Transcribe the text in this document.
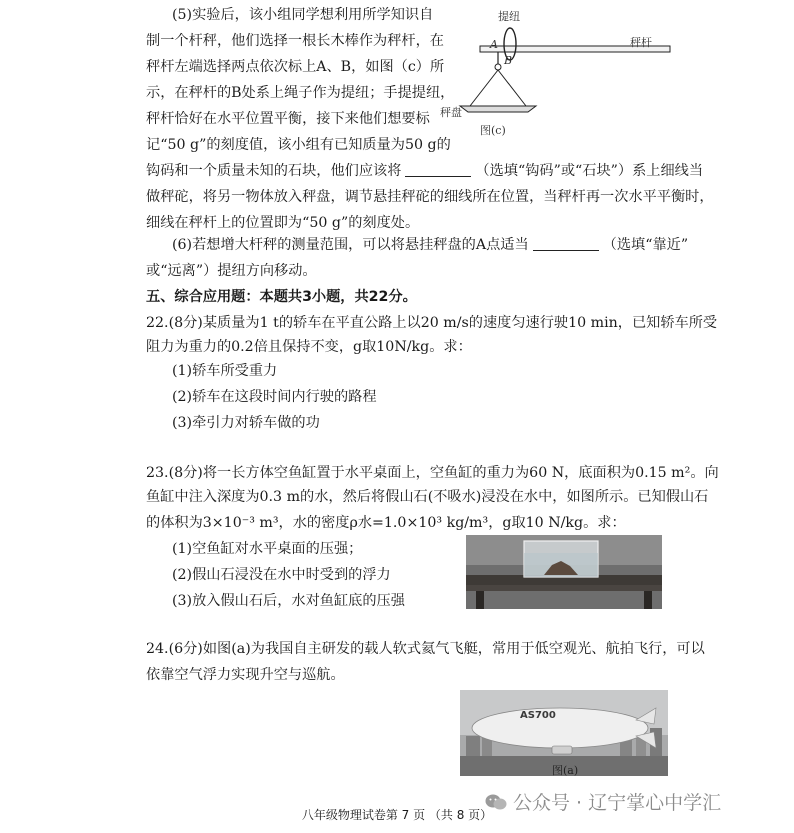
(5)实验后，该小组同学想利用所学知识自
制一个杆秤，他们选择一根长木棒作为秤杆，在
秤杆左端选择两点依次标上A、B，如图（c）所
示，在秤杆的B处系上绳子作为提纽；手提提纽，
秤杆恰好在水平位置平衡，接下来他们想要标
记“50 g”的刻度值，该小组有已知质量为50 g的
钩码和一个质量未知的石块，他们应该将	（选填“钩码”或“石块”）系上细线当
做秤砣，将另一物体放入秤盘，调节悬挂秤砣的细线所在位置，当秤杆再一次水平平衡时，
细线在秤杆上的位置即为“50 g”的刻度处。
提纽
秤杆
A
B
秤盘
图(c)
(6)若想增大杆秤的测量范围，可以将悬挂秤盘的A点适当	（选填“靠近”
或“远离”）提纽方向移动。
五、综合应用题：本题共3小题，共22分。
22.(8分)某质量为1 t的轿车在平直公路上以20 m/s的速度匀速行驶10 min，已知轿车所受
阻力为重力的0.2倍且保持不变，g取10N/kg。求：
(1)轿车所受重力
(2)轿车在这段时间内行驶的路程
(3)牵引力对轿车做的功
23.(8分)将一长方体空鱼缸置于水平桌面上，空鱼缸的重力为60 N，底面积为0.15 m²。向
鱼缸中注入深度为0.3 m的水，然后将假山石(不吸水)浸没在水中，如图所示。已知假山石
的体积为3×10⁻³ m³，水的密度ρ水=1.0×10³ kg/m³，g取10 N/kg。求：
(1)空鱼缸对水平桌面的压强；
(2)假山石浸没在水中时受到的浮力
(3)放入假山石后，水对鱼缸底的压强
24.(6分)如图(a)为我国自主研发的载人软式氦气飞艇，常用于低空观光、航拍飞行，可以
依靠空气浮力实现升空与巡航。
AS700
图(a)
公众号 · 辽宁掌心中学汇
八年级物理试卷第 7 页 （共 8 页）
